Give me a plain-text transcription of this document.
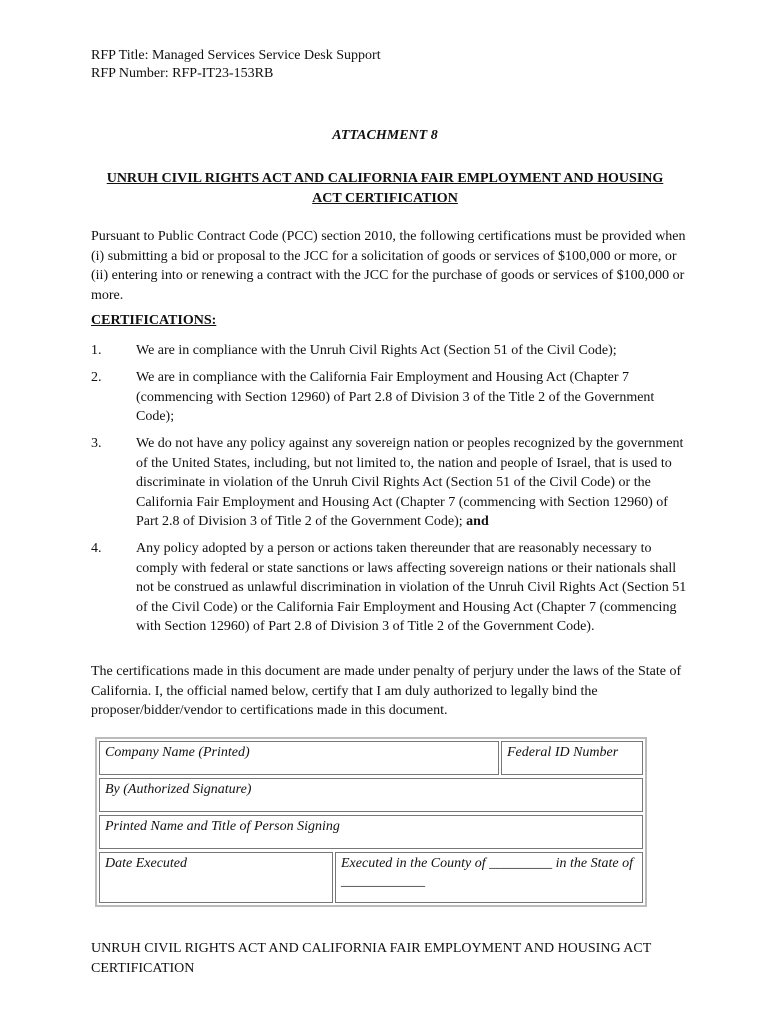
RFP Title: Managed Services Service Desk Support
RFP Number: RFP-IT23-153RB
ATTACHMENT 8
UNRUH CIVIL RIGHTS ACT AND CALIFORNIA FAIR EMPLOYMENT AND HOUSING ACT CERTIFICATION
Pursuant to Public Contract Code (PCC) section 2010, the following certifications must be provided when (i) submitting a bid or proposal to the JCC for a solicitation of goods or services of $100,000 or more, or (ii) entering into or renewing a contract with the JCC for the purchase of goods or services of $100,000 or more.
CERTIFICATIONS:
1. We are in compliance with the Unruh Civil Rights Act (Section 51 of the Civil Code);
2. We are in compliance with the California Fair Employment and Housing Act (Chapter 7 (commencing with Section 12960) of Part 2.8 of Division 3 of the Title 2 of the Government Code);
3. We do not have any policy against any sovereign nation or peoples recognized by the government of the United States, including, but not limited to, the nation and people of Israel, that is used to discriminate in violation of the Unruh Civil Rights Act (Section 51 of the Civil Code) or the California Fair Employment and Housing Act (Chapter 7 (commencing with Section 12960) of Part 2.8 of Division 3 of Title 2 of the Government Code); and
4. Any policy adopted by a person or actions taken thereunder that are reasonably necessary to comply with federal or state sanctions or laws affecting sovereign nations or their nationals shall not be construed as unlawful discrimination in violation of the Unruh Civil Rights Act (Section 51 of the Civil Code) or the California Fair Employment and Housing Act (Chapter 7 (commencing with Section 12960) of Part 2.8 of Division 3 of Title 2 of the Government Code).
The certifications made in this document are made under penalty of perjury under the laws of the State of California. I, the official named below, certify that I am duly authorized to legally bind the proposer/bidder/vendor to certifications made in this document.
Company Name (Printed)	Federal ID Number
By (Authorized Signature)
Printed Name and Title of Person Signing
Date Executed	Executed in the County of _________ in the State of ____________
UNRUH CIVIL RIGHTS ACT AND CALIFORNIA FAIR EMPLOYMENT AND HOUSING ACT CERTIFICATION
